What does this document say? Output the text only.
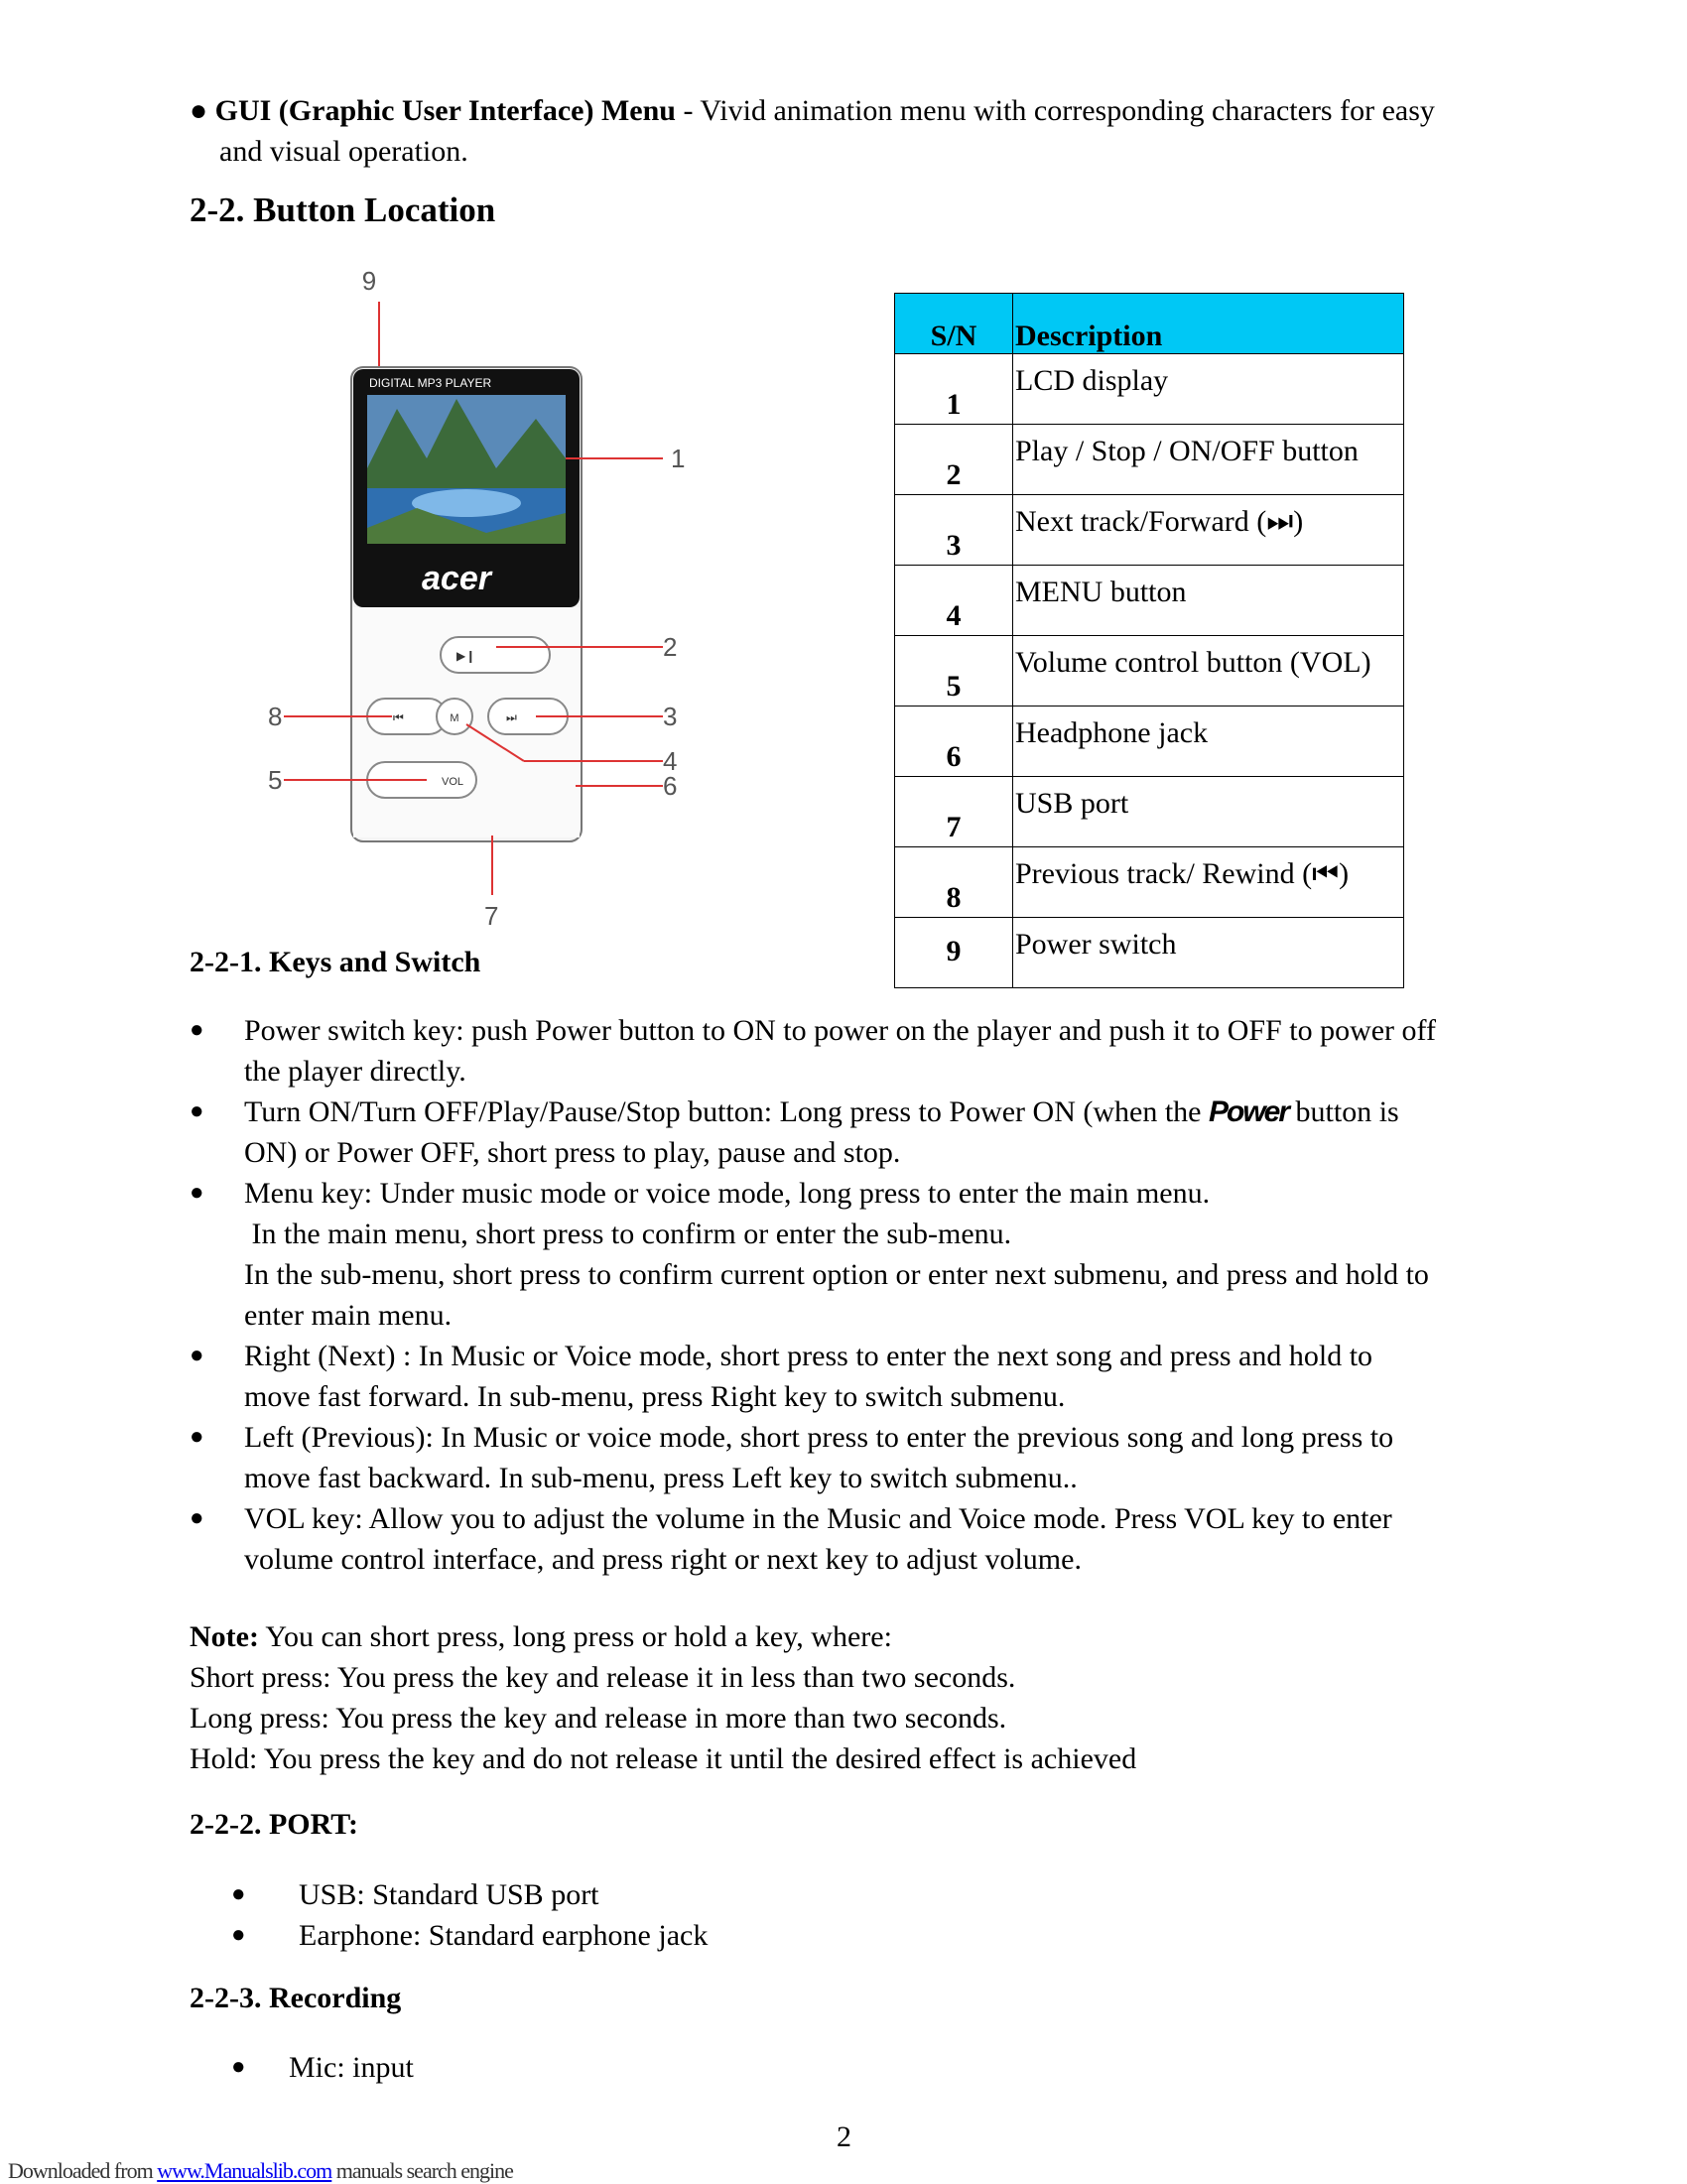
● GUI (Graphic User Interface) Menu - Vivid animation menu with corresponding characters for easy
and visual operation.
2-2. Button Location
9
DIGITAL MP3 PLAYER
acer
▶❙
⏮	M	⏭
VOL
1
2
3
4
6
8
5
7
S/N	Description
1	LCD display
2	Play / Stop / ON/OFF button
3	Next track/Forward (⏭)
4	MENU button
5	Volume control button (VOL)
6	Headphone jack
7	USB port
8	Previous track/ Rewind (⏮)
9	Power switch
2-2-1. Keys and Switch
● Power switch key: push Power button to ON to power on the player and push it to OFF to power off
the player directly.
● Turn ON/Turn OFF/Play/Pause/Stop button: Long press to Power ON (when the Power button is
ON) or Power OFF, short press to play, pause and stop.
● Menu key: Under music mode or voice mode, long press to enter the main menu.
In the main menu, short press to confirm or enter the sub-menu.
In the sub-menu, short press to confirm current option or enter next submenu, and press and hold to
enter main menu.
● Right (Next) : In Music or Voice mode, short press to enter the next song and press and hold to
move fast forward. In sub-menu, press Right key to switch submenu.
● Left (Previous): In Music or voice mode, short press to enter the previous song and long press to
move fast backward. In sub-menu, press Left key to switch submenu..
● VOL key: Allow you to adjust the volume in the Music and Voice mode. Press VOL key to enter
volume control interface, and press right or next key to adjust volume.
Note: You can short press, long press or hold a key, where:
Short press: You press the key and release it in less than two seconds.
Long press: You press the key and release in more than two seconds.
Hold: You press the key and do not release it until the desired effect is achieved
2-2-2. PORT:
● USB: Standard USB port
● Earphone: Standard earphone jack
2-2-3. Recording
● Mic: input
2
Downloaded from www.Manualslib.com manuals search engine
